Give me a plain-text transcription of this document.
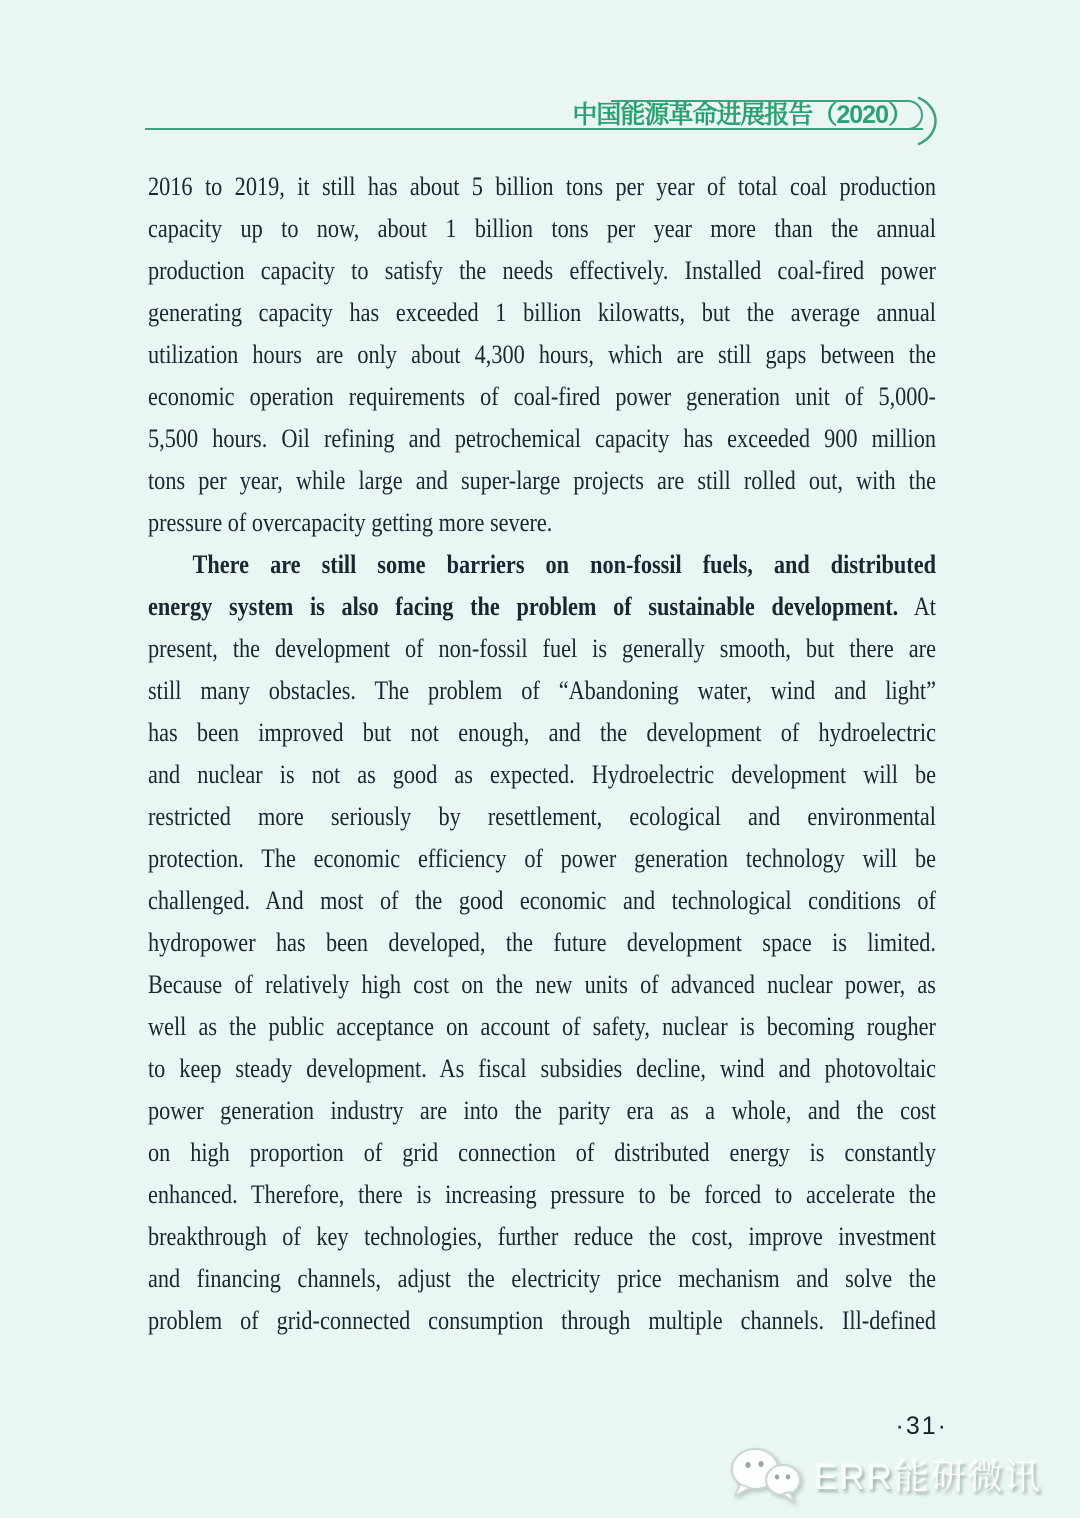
中国能源革命进展报告（2020）
2016 to 2019, it still has about 5 billion tons per year of total coal production
capacity up to now, about 1 billion tons per year more than the annual
production capacity to satisfy the needs effectively. Installed coal-fired power
generating capacity has exceeded 1 billion kilowatts, but the average annual
utilization hours are only about 4,300 hours, which are still gaps between the
economic operation requirements of coal-fired power generation unit of 5,000-
5,500 hours. Oil refining and petrochemical capacity has exceeded 900 million
tons per year, while large and super-large projects are still rolled out, with the
pressure of overcapacity getting more severe.
There are still some barriers on non-fossil fuels, and distributed
energy system is also facing the problem of sustainable development. At
present, the development of non-fossil fuel is generally smooth, but there are
still many obstacles. The problem of “Abandoning water, wind and light”
has been improved but not enough, and the development of hydroelectric
and nuclear is not as good as expected. Hydroelectric development will be
restricted more seriously by resettlement, ecological and environmental
protection. The economic efficiency of power generation technology will be
challenged. And most of the good economic and technological conditions of
hydropower has been developed, the future development space is limited.
Because of relatively high cost on the new units of advanced nuclear power, as
well as the public acceptance on account of safety, nuclear is becoming rougher
to keep steady development. As fiscal subsidies decline, wind and photovoltaic
power generation industry are into the parity era as a whole, and the cost
on high proportion of grid connection of distributed energy is constantly
enhanced. Therefore, there is increasing pressure to be forced to accelerate the
breakthrough of key technologies, further reduce the cost, improve investment
and financing channels, adjust the electricity price mechanism and solve the
problem of grid-connected consumption through multiple channels. Ill-defined
·31·
ERR能研微讯
